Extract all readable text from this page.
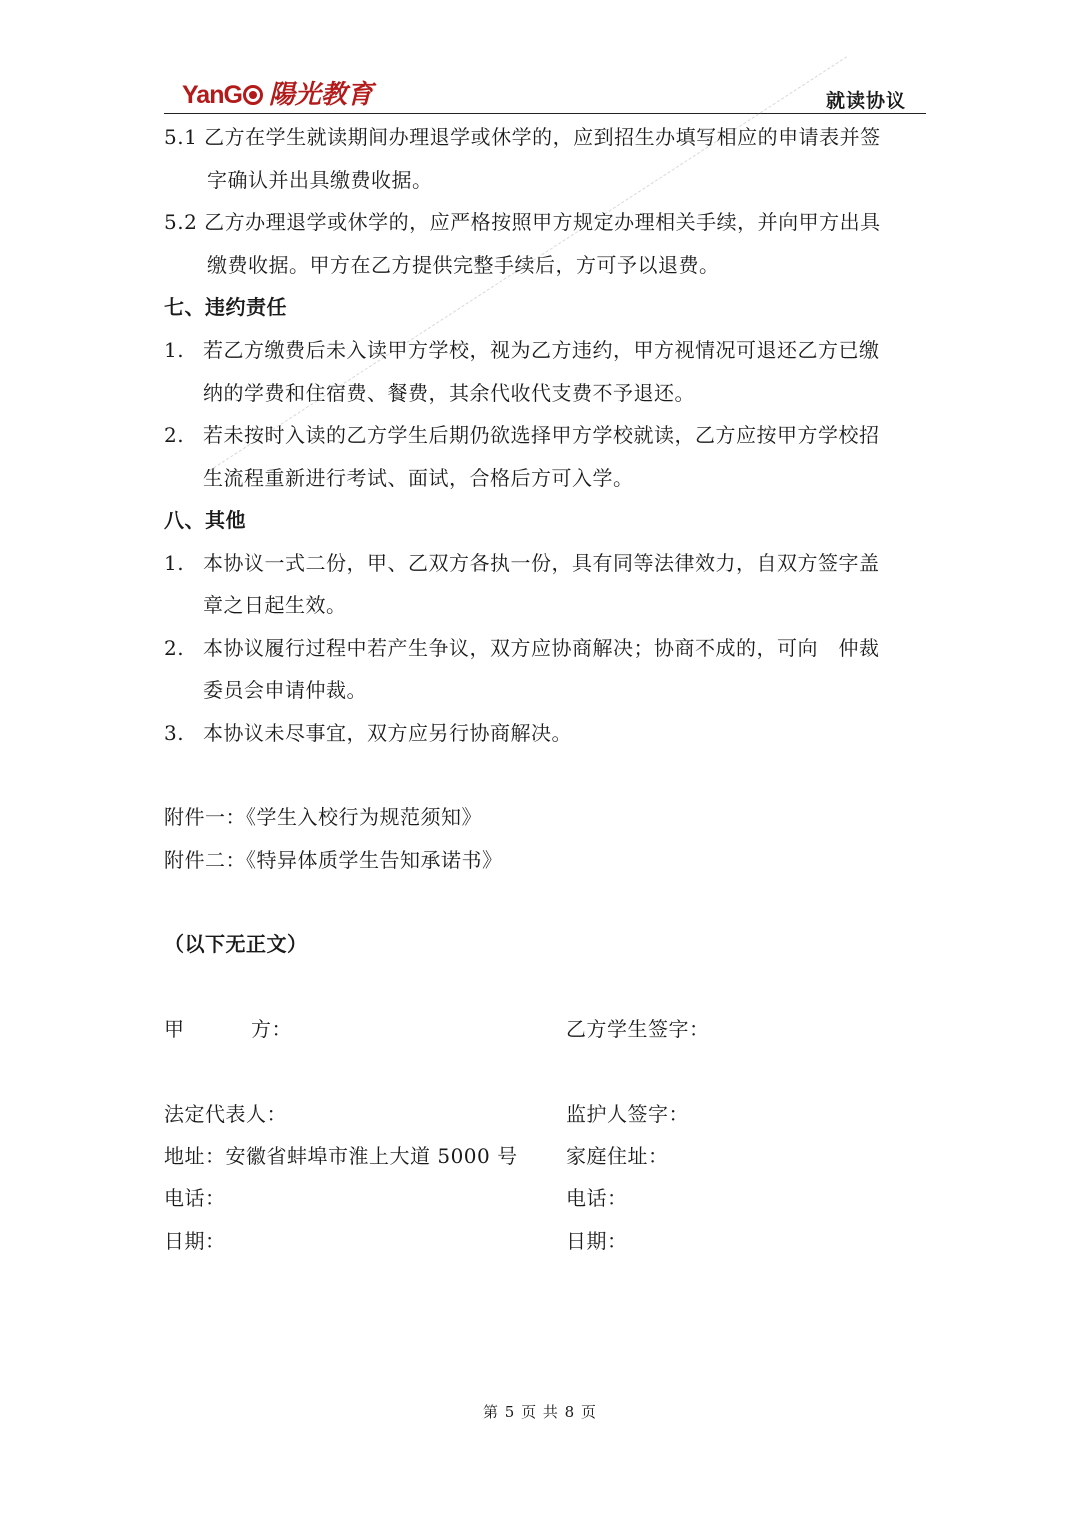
YanG 陽光教育	就读协议
5.1 乙方在学生就读期间办理退学或休学的，应到招生办填写相应的申请表并签
字确认并出具缴费收据。
5.2 乙方办理退学或休学的，应严格按照甲方规定办理相关手续，并向甲方出具
缴费收据。甲方在乙方提供完整手续后，方可予以退费。
七、违约责任
1. 若乙方缴费后未入读甲方学校，视为乙方违约，甲方视情况可退还乙方已缴
纳的学费和住宿费、餐费，其余代收代支费不予退还。
2. 若未按时入读的乙方学生后期仍欲选择甲方学校就读，乙方应按甲方学校招
生流程重新进行考试、面试，合格后方可入学。
八、其他
1. 本协议一式二份，甲、乙双方各执一份，具有同等法律效力，自双方签字盖
章之日起生效。
2. 本协议履行过程中若产生争议，双方应协商解决；协商不成的，可向　仲裁
委员会申请仲裁。
3. 本协议未尽事宜，双方应另行协商解决。
附件一：《学生入校行为规范须知》
附件二：《特异体质学生告知承诺书》
（以下无正文）
甲	方：	乙方学生签字：
法定代表人：	监护人签字：
地址：安徽省蚌埠市淮上大道 5000 号 家庭住址：
电话：	电话：
日期：	日期：
第 5 页 共 8 页
